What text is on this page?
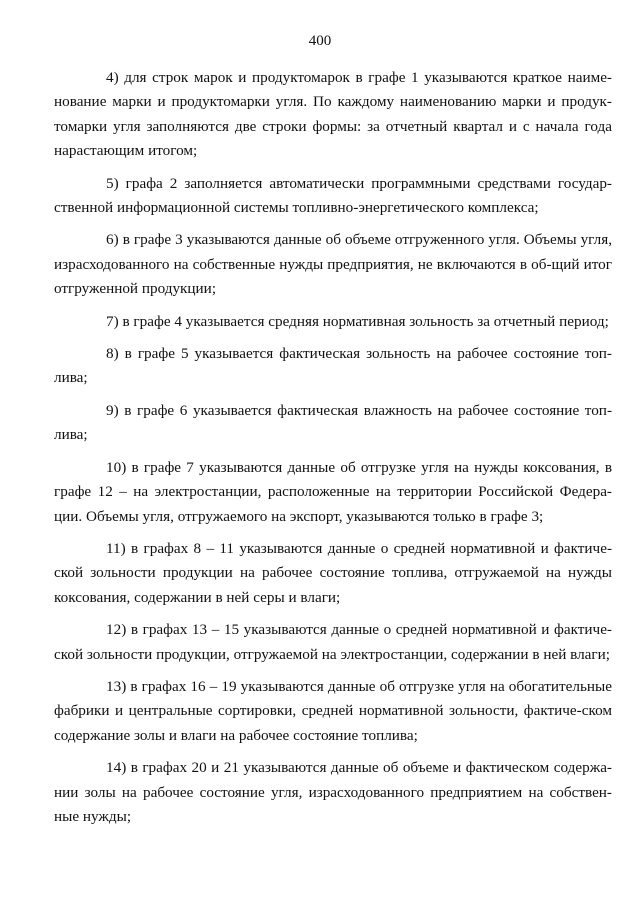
400

4) для строк марок и продуктомарок в графе 1 указываются краткое наиме-нование марки и продуктомарки угля. По каждому наименованию марки и продук-томарки угля заполняются две строки формы: за отчетный квартал и с начала года нарастающим итогом;

5) графа 2 заполняется автоматически программными средствами государ-ственной информационной системы топливно-энергетического комплекса;

6) в графе 3 указываются данные об объеме отгруженного угля. Объемы угля, израсходованного на собственные нужды предприятия, не включаются в об-щий итог отгруженной продукции;

7) в графе 4 указывается средняя нормативная зольность за отчетный период;

8) в графе 5 указывается фактическая зольность на рабочее состояние топ-лива;

9) в графе 6 указывается фактическая влажность на рабочее состояние топ-лива;

10) в графе 7 указываются данные об отгрузке угля на нужды коксования, в графе 12 – на электростанции, расположенные на территории Российской Федера-ции. Объемы угля, отгружаемого на экспорт, указываются только в графе 3;

11) в графах 8 – 11 указываются данные о средней нормативной и фактиче-ской зольности продукции на рабочее состояние топлива, отгружаемой на нужды коксования, содержании в ней серы и влаги;

12) в графах 13 – 15 указываются данные о средней нормативной и фактиче-ской зольности продукции, отгружаемой на электростанции, содержании в ней влаги;

13) в графах 16 – 19 указываются данные об отгрузке угля на обогатительные фабрики и центральные сортировки, средней нормативной зольности, фактиче-ском содержание золы и влаги на рабочее состояние топлива;

14) в графах 20 и 21 указываются данные об объеме и фактическом содержа-нии золы на рабочее состояние угля, израсходованного предприятием на собствен-ные нужды;
